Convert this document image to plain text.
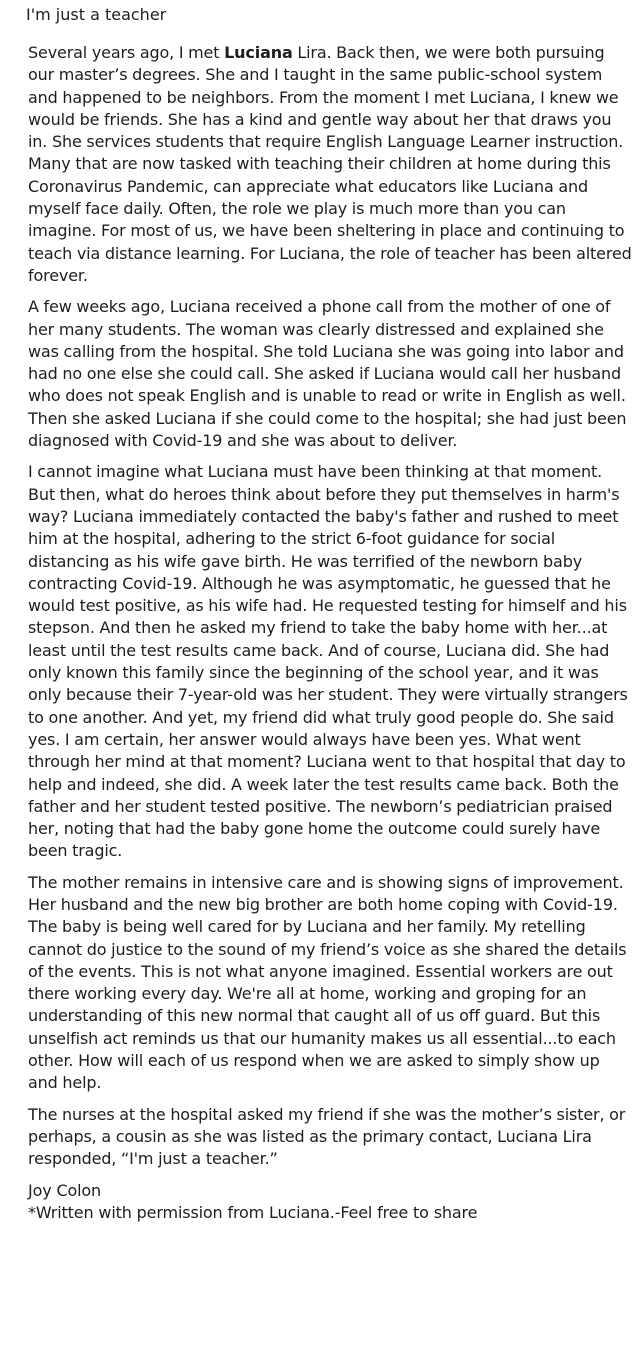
I'm just a teacher

Several years ago, I met Luciana Lira. Back then, we were both pursuing our master’s degrees. She and I taught in the same public-school system and happened to be neighbors. From the moment I met Luciana, I knew we would be friends. She has a kind and gentle way about her that draws you in. She services students that require English Language Learner instruction. Many that are now tasked with teaching their children at home during this Coronavirus Pandemic, can appreciate what educators like Luciana and myself face daily. Often, the role we play is much more than you can imagine. For most of us, we have been sheltering in place and continuing to teach via distance learning. For Luciana, the role of teacher has been altered forever.

A few weeks ago, Luciana received a phone call from the mother of one of her many students. The woman was clearly distressed and explained she was calling from the hospital. She told Luciana she was going into labor and had no one else she could call. She asked if Luciana would call her husband who does not speak English and is unable to read or write in English as well. Then she asked Luciana if she could come to the hospital; she had just been diagnosed with Covid-19 and she was about to deliver.

I cannot imagine what Luciana must have been thinking at that moment. But then, what do heroes think about before they put themselves in harm's way? Luciana immediately contacted the baby's father and rushed to meet him at the hospital, adhering to the strict 6-foot guidance for social distancing as his wife gave birth. He was terrified of the newborn baby contracting Covid-19. Although he was asymptomatic, he guessed that he would test positive, as his wife had. He requested testing for himself and his stepson. And then he asked my friend to take the baby home with her...at least until the test results came back. And of course, Luciana did. She had only known this family since the beginning of the school year, and it was only because their 7-year-old was her student. They were virtually strangers to one another. And yet, my friend did what truly good people do. She said yes. I am certain, her answer would always have been yes. What went through her mind at that moment? Luciana went to that hospital that day to help and indeed, she did. A week later the test results came back. Both the father and her student tested positive. The newborn’s pediatrician praised her, noting that had the baby gone home the outcome could surely have been tragic.

The mother remains in intensive care and is showing signs of improvement. Her husband and the new big brother are both home coping with Covid-19. The baby is being well cared for by Luciana and her family. My retelling cannot do justice to the sound of my friend’s voice as she shared the details of the events. This is not what anyone imagined. Essential workers are out there working every day. We're all at home, working and groping for an understanding of this new normal that caught all of us off guard. But this unselfish act reminds us that our humanity makes us all essential...to each other. How will each of us respond when we are asked to simply show up and help.

The nurses at the hospital asked my friend if she was the mother’s sister, or perhaps, a cousin as she was listed as the primary contact, Luciana Lira responded, “I'm just a teacher.”

Joy Colon

*Written with permission from Luciana.-Feel free to share
